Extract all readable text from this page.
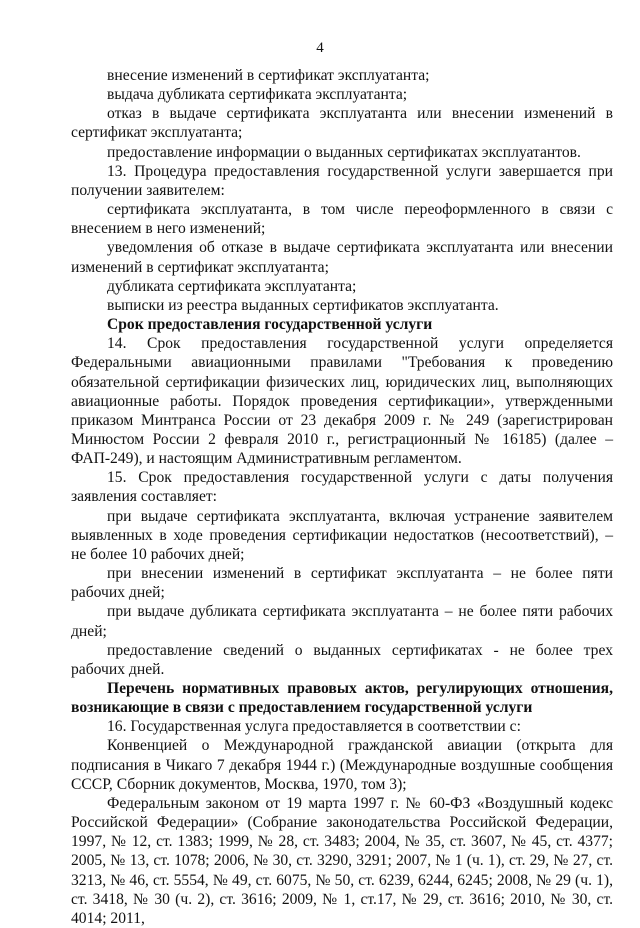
4

внесение изменений в сертификат эксплуатанта;

выдача дубликата сертификата эксплуатанта;

отказ в выдаче сертификата эксплуатанта или внесении изменений в сертификат эксплуатанта;

предоставление информации о выданных сертификатах эксплуатантов.

13. Процедура предоставления государственной услуги завершается при получении заявителем:

сертификата эксплуатанта, в том числе переоформленного в связи с внесением в него изменений;

уведомления об отказе в выдаче сертификата эксплуатанта или внесении изменений в сертификат эксплуатанта;

дубликата сертификата эксплуатанта;

выписки из реестра выданных сертификатов эксплуатанта.

Срок предоставления государственной услуги

14. Срок предоставления государственной услуги определяется Федеральными авиационными правилами "Требования к проведению обязательной сертификации физических лиц, юридических лиц, выполняющих авиационные работы. Порядок проведения сертификации», утвержденными приказом Минтранса России от 23 декабря 2009 г. № 249 (зарегистрирован Минюстом России 2 февраля 2010 г., регистрационный № 16185) (далее – ФАП-249), и настоящим Административным регламентом.

15. Срок предоставления государственной услуги с даты получения заявления составляет:

при выдаче сертификата эксплуатанта, включая устранение заявителем выявленных в ходе проведения сертификации недостатков (несоответствий), – не более 10 рабочих дней;

при внесении изменений в сертификат эксплуатанта – не более пяти рабочих дней;

при выдаче дубликата сертификата эксплуатанта – не более пяти рабочих дней;

предоставление сведений о выданных сертификатах - не более трех рабочих дней.

Перечень нормативных правовых актов, регулирующих отношения, возникающие в связи с предоставлением государственной услуги

16. Государственная услуга предоставляется в соответствии с:

Конвенцией о Международной гражданской авиации (открыта для подписания в Чикаго 7 декабря 1944 г.) (Международные воздушные сообщения СССР, Сборник документов, Москва, 1970, том 3);

Федеральным законом от 19 марта 1997 г. № 60-ФЗ «Воздушный кодекс Российской Федерации» (Собрание законодательства Российской Федерации, 1997, № 12, ст. 1383; 1999, № 28, ст. 3483; 2004, № 35, ст. 3607, № 45, ст. 4377; 2005, № 13, ст. 1078; 2006, № 30, ст. 3290, 3291; 2007, № 1 (ч. 1), ст. 29, № 27, ст. 3213, № 46, ст. 5554, № 49, ст. 6075, № 50, ст. 6239, 6244, 6245; 2008, № 29 (ч. 1), ст. 3418, № 30 (ч. 2), ст. 3616; 2009, № 1, ст.17, № 29, ст. 3616; 2010, № 30, ст. 4014; 2011,
